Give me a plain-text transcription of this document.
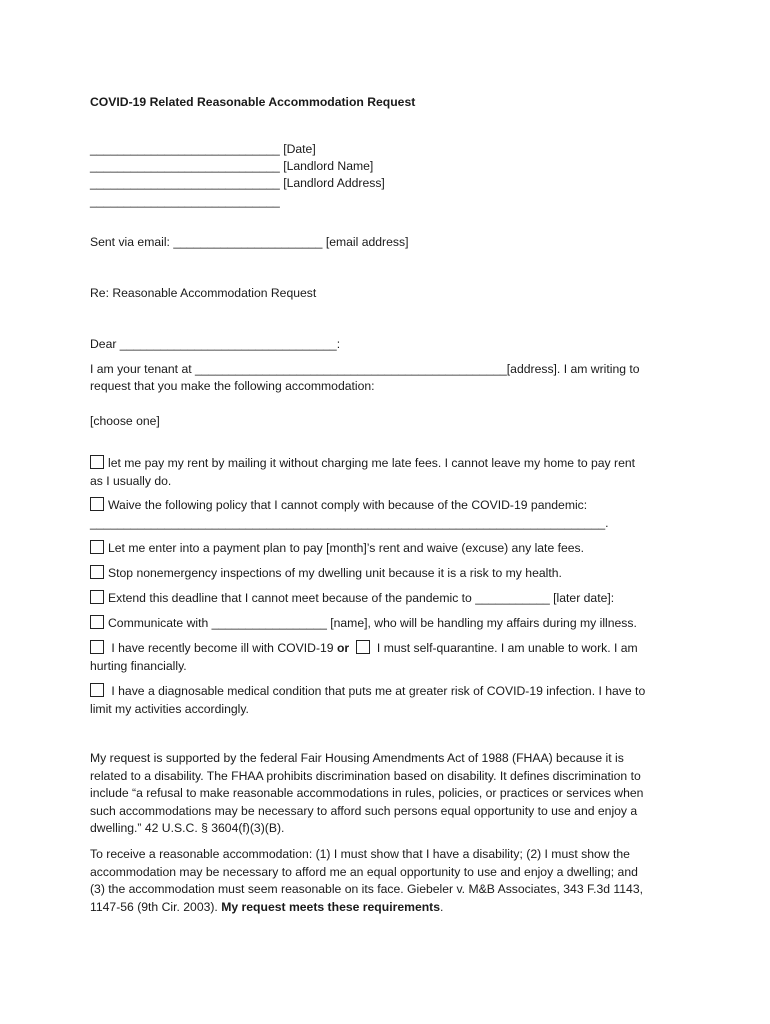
COVID-19 Related Reasonable Accommodation Request
____________________________ [Date]
____________________________ [Landlord Name]
____________________________ [Landlord Address]
____________________________
Sent via email: ______________________ [email address]
Re: Reasonable Accommodation Request
Dear ________________________________:
I am your tenant at ______________________________________________[address]. I am writing to
request that you make the following accommodation:
[choose one]
let me pay my rent by mailing it without charging me late fees. I cannot leave my home to pay rent
as I usually do.
Waive the following policy that I cannot comply with because of the COVID-19 pandemic:
____________________________________________________________________________.
Let me enter into a payment plan to pay [month]’s rent and waive (excuse) any late fees.
Stop nonemergency inspections of my dwelling unit because it is a risk to my health.
Extend this deadline that I cannot meet because of the pandemic to ___________ [later date]:
Communicate with _________________ [name], who will be handling my affairs during my illness.
I have recently become ill with COVID-19 or  I must self-quarantine. I am unable to work. I am
hurting financially.
I have a diagnosable medical condition that puts me at greater risk of COVID-19 infection. I have to
limit my activities accordingly.
My request is supported by the federal Fair Housing Amendments Act of 1988 (FHAA) because it is
related to a disability. The FHAA prohibits discrimination based on disability. It defines discrimination to
include “a refusal to make reasonable accommodations in rules, policies, or practices or services when
such accommodations may be necessary to afford such persons equal opportunity to use and enjoy a
dwelling.” 42 U.S.C. § 3604(f)(3)(B).
To receive a reasonable accommodation: (1) I must show that I have a disability; (2) I must show the
accommodation may be necessary to afford me an equal opportunity to use and enjoy a dwelling; and
(3) the accommodation must seem reasonable on its face. Giebeler v. M&B Associates, 343 F.3d 1143,
1147-56 (9th Cir. 2003). My request meets these requirements.
